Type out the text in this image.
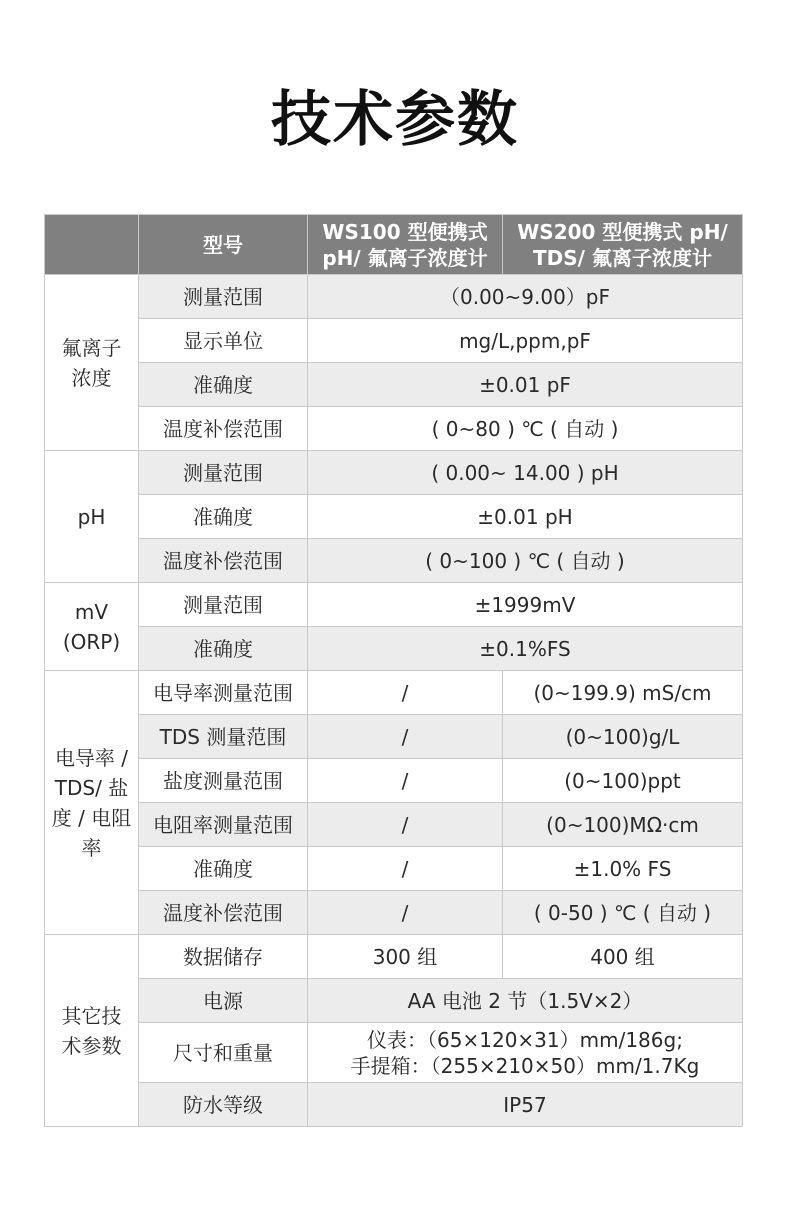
技术参数
	型号	WS100 型便携式 pH/ 氟离子浓度计	WS200 型便携式 pH/ TDS/ 氟离子浓度计
氟离子浓度	测量范围	（0.00~9.00）pF	
	显示单位	mg/L,ppm,pF	
	准确度	±0.01 pF	
	温度补偿范围	( 0~80 ) ℃ ( 自动 )	
pH	测量范围	( 0.00~ 14.00 ) pH	
	准确度	±0.01 pH	
	温度补偿范围	( 0~100 ) ℃ ( 自动 )	
mV (ORP)	测量范围	±1999mV	
	准确度	±0.1%FS	
电导率 / TDS/ 盐度 / 电阻率	电导率测量范围	/	(0~199.9) mS/cm
	TDS 测量范围	/	(0~100)g/L
	盐度测量范围	/	(0~100)ppt
	电阻率测量范围	/	(0~100)MΩ·cm
	准确度	/	±1.0% FS
	温度补偿范围	/	( 0-50 ) ℃ ( 自动 )
其它技术参数	数据储存	300 组	400 组
	电源	AA 电池 2 节（1.5V×2）	
	尺寸和重量	仪表：（65×120×31）mm/186g;
手提箱：（255×210×50）mm/1.7Kg	

	防水等级	IP57	
